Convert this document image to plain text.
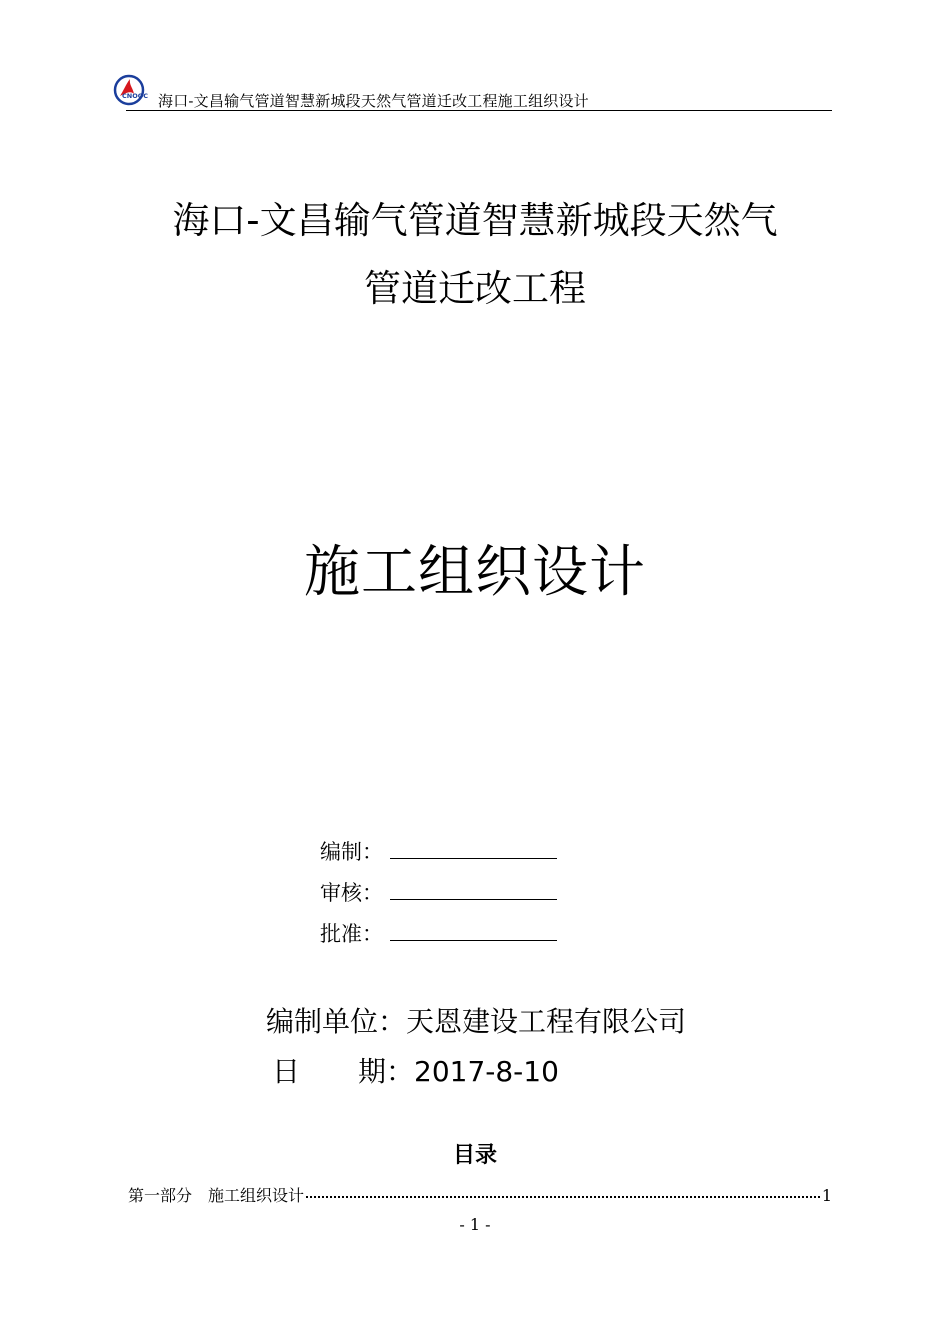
CNOOC 海口-文昌输气管道智慧新城段天然气管道迁改工程施工组织设计
海口-文昌输气管道智慧新城段天然气
管道迁改工程
施工组织设计
编制：
审核：
批准：
编制单位：天恩建设工程有限公司
日 期：2017-8-10
目录
第一部分　施工组织设计	1
- 1 -
